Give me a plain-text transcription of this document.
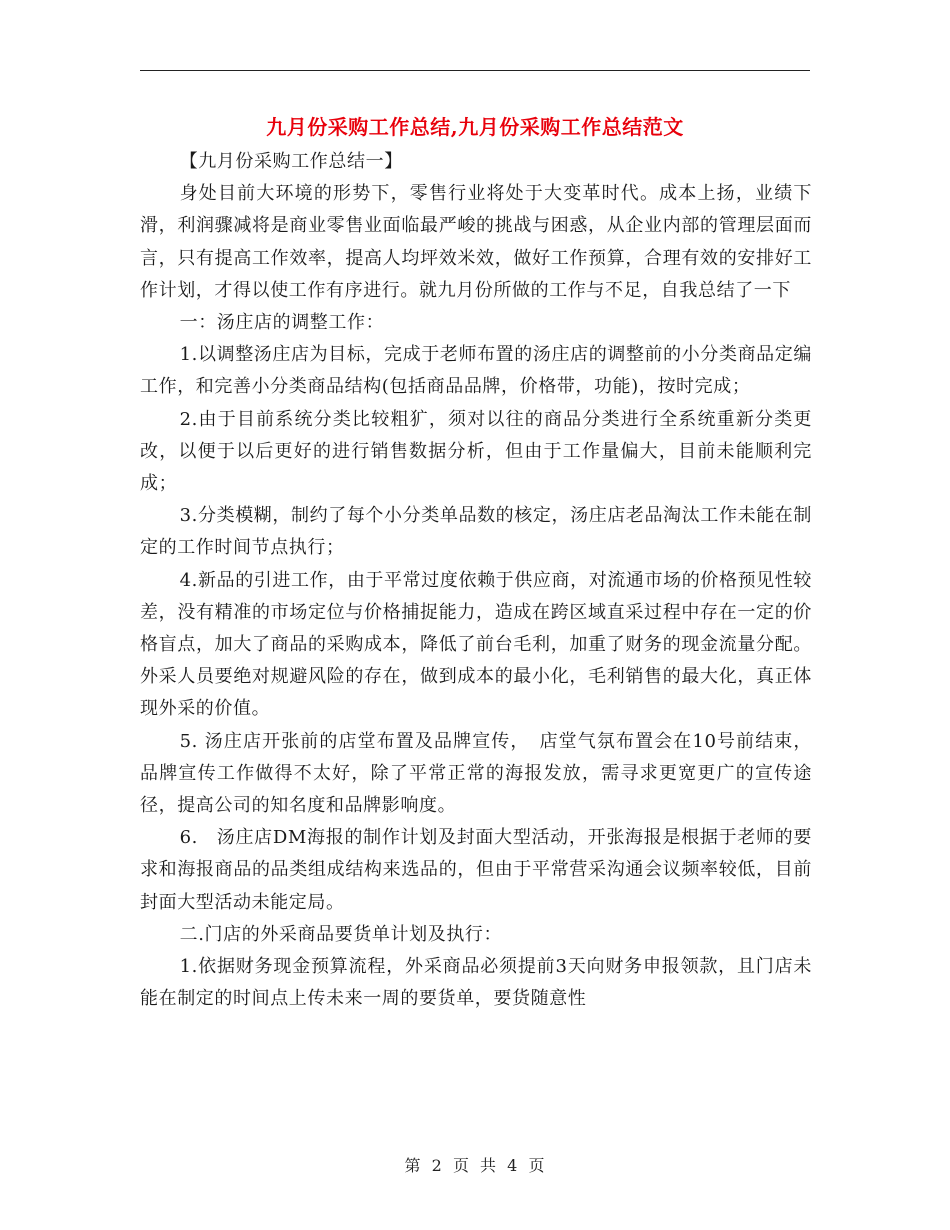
九月份采购工作总结,九月份采购工作总结范文

【九月份采购工作总结一】

身处目前大环境的形势下，零售行业将处于大变革时代。成本上扬，业绩下滑，利润骤减将是商业零售业面临最严峻的挑战与困惑，从企业内部的管理层面而言，只有提高工作效率，提高人均坪效米效，做好工作预算，合理有效的安排好工作计划，才得以使工作有序进行。就九月份所做的工作与不足，自我总结了一下

一：汤庄店的调整工作：

1.以调整汤庄店为目标，完成于老师布置的汤庄店的调整前的小分类商品定编工作，和完善小分类商品结构(包括商品品牌，价格带，功能)，按时完成；

2.由于目前系统分类比较粗犷，须对以往的商品分类进行全系统重新分类更改，以便于以后更好的进行销售数据分析，但由于工作量偏大，目前未能顺利完成；

3.分类模糊，制约了每个小分类单品数的核定，汤庄店老品淘汰工作未能在制定的工作时间节点执行；

4.新品的引进工作，由于平常过度依赖于供应商，对流通市场的价格预见性较差，没有精准的市场定位与价格捕捉能力，造成在跨区域直采过程中存在一定的价格盲点，加大了商品的采购成本，降低了前台毛利，加重了财务的现金流量分配。外采人员要绝对规避风险的存在，做到成本的最小化，毛利销售的最大化，真正体现外采的价值。

5. 汤庄店开张前的店堂布置及品牌宣传，　店堂气氛布置会在10号前结束，品牌宣传工作做得不太好，除了平常正常的海报发放，需寻求更宽更广的宣传途径，提高公司的知名度和品牌影响度。

6.　汤庄店DM海报的制作计划及封面大型活动，开张海报是根据于老师的要求和海报商品的品类组成结构来选品的，但由于平常营采沟通会议频率较低，目前封面大型活动未能定局。

二.门店的外采商品要货单计划及执行：

1.依据财务现金预算流程，外采商品必须提前3天向财务申报领款，且门店未能在制定的时间点上传未来一周的要货单，要货随意性

第 2 页 共 4 页
